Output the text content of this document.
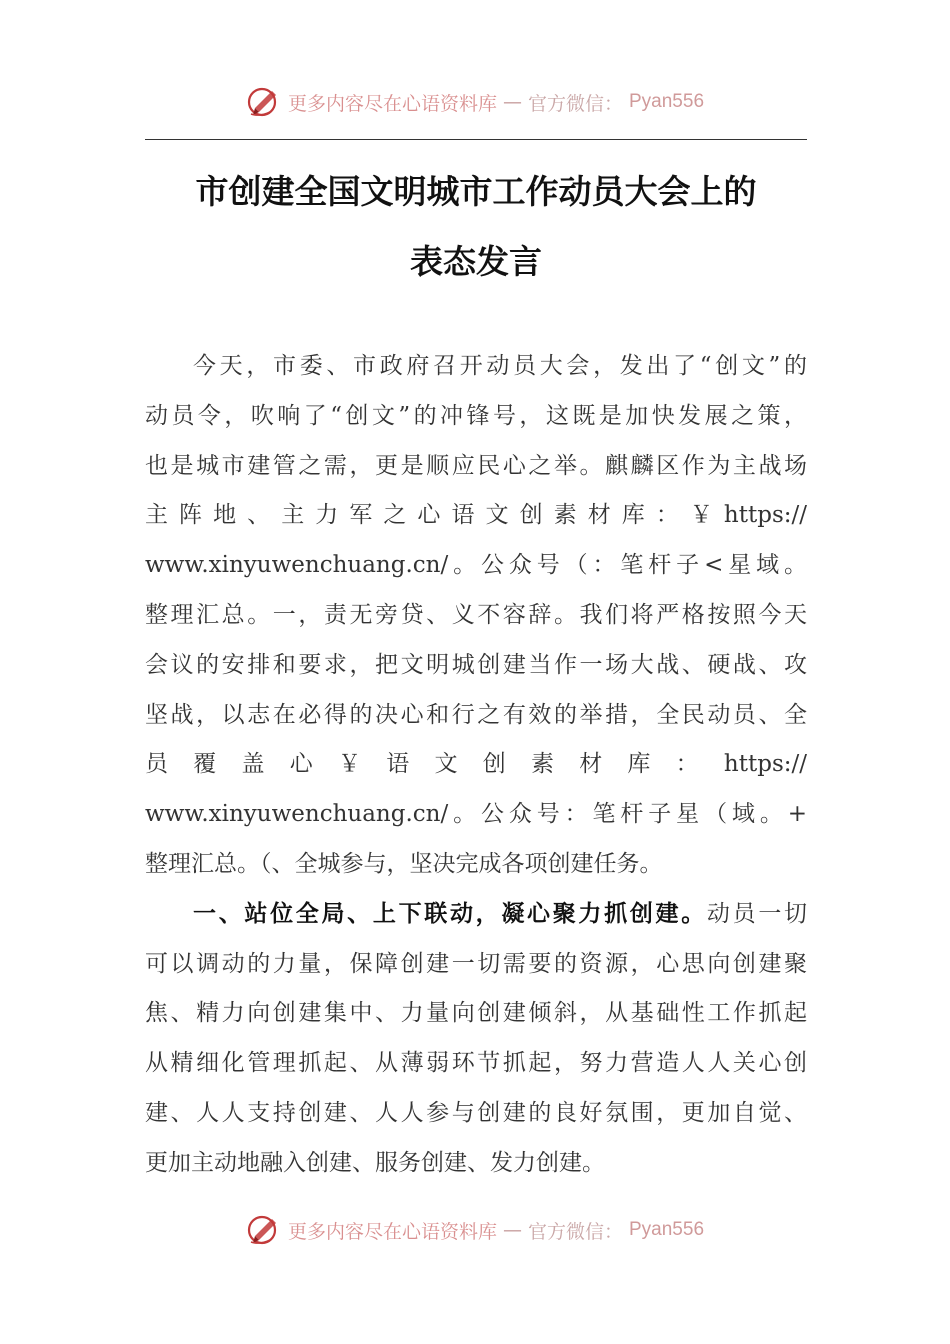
更多内容尽在心语资料库 — 官方微信： Pyan556
市创建全国文明城市工作动员大会上的
表态发言
今天，市委、市政府召开动员大会，发出了“创文”的
动员令，吹响了“创文”的冲锋号，这既是加快发展之策，
也是城市建管之需，更是顺应民心之举。麒麟区作为主战场
主阵地、主力军之心语文创素材库：￥https://
www.xinyuwenchuang.cn/。公众号（：笔杆子<星域。
整理汇总。一，责无旁贷、义不容辞。我们将严格按照今天
会议的安排和要求，把文明城创建当作一场大战、硬战、攻
坚战，以志在必得的决心和行之有效的举措，全民动员、全
员覆盖心￥语文创素材库：https://
www.xinyuwenchuang.cn/。公众号：笔杆子星（域。+
整理汇总。（、全城参与，坚决完成各项创建任务。
一、站位全局、上下联动，凝心聚力抓创建。动员一切
可以调动的力量，保障创建一切需要的资源，心思向创建聚
焦、精力向创建集中、力量向创建倾斜，从基础性工作抓起
从精细化管理抓起、从薄弱环节抓起，努力营造人人关心创
建、人人支持创建、人人参与创建的良好氛围，更加自觉、
更加主动地融入创建、服务创建、发力创建。
更多内容尽在心语资料库 — 官方微信： Pyan556
